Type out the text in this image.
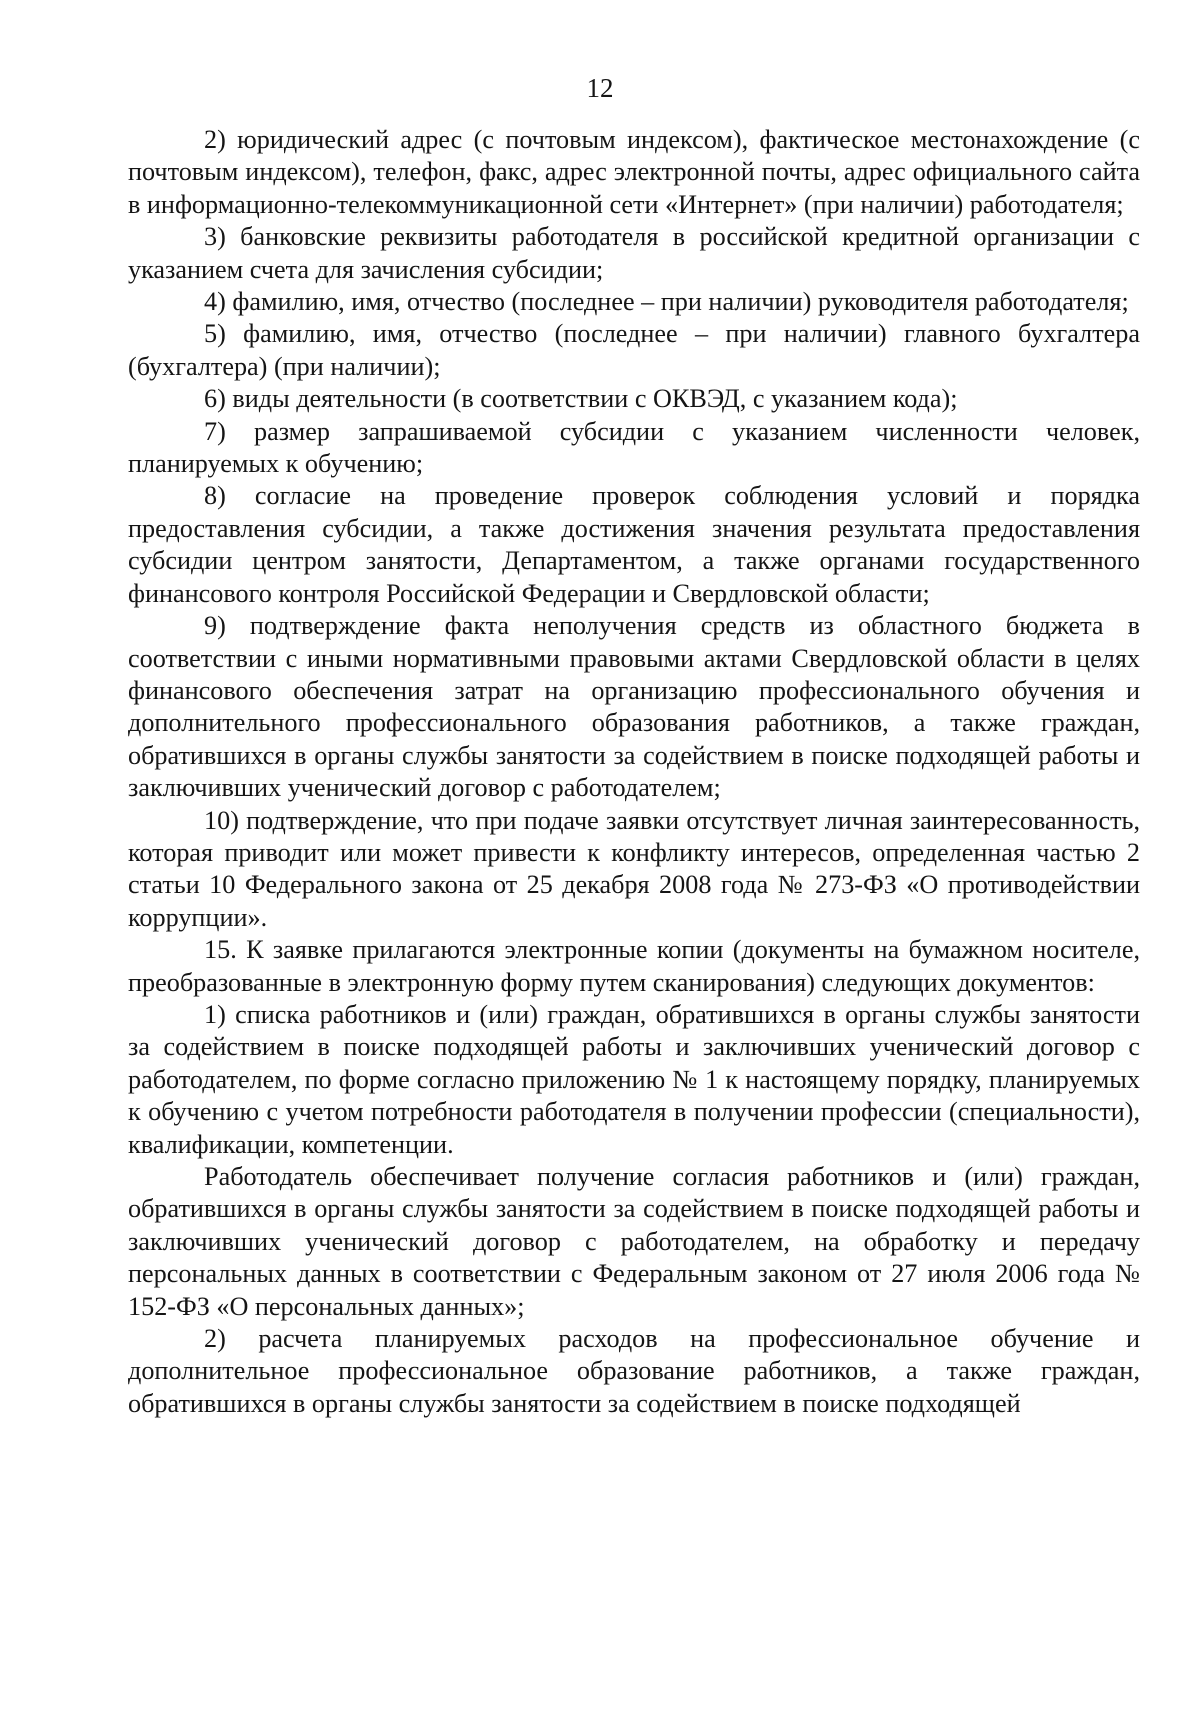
12

2) юридический адрес (с почтовым индексом), фактическое местонахождение (с почтовым индексом), телефон, факс, адрес электронной почты, адрес официального сайта в информационно-телекоммуникационной сети «Интернет» (при наличии) работодателя;

3) банковские реквизиты работодателя в российской кредитной организации с указанием счета для зачисления субсидии;

4) фамилию, имя, отчество (последнее – при наличии) руководителя работодателя;

5) фамилию, имя, отчество (последнее – при наличии) главного бухгалтера (бухгалтера) (при наличии);

6) виды деятельности (в соответствии с ОКВЭД, с указанием кода);

7) размер запрашиваемой субсидии с указанием численности человек, планируемых к обучению;

8) согласие на проведение проверок соблюдения условий и порядка предоставления субсидии, а также достижения значения результата предоставления субсидии центром занятости, Департаментом, а также органами государственного финансового контроля Российской Федерации и Свердловской области;

9) подтверждение факта неполучения средств из областного бюджета в соответствии с иными нормативными правовыми актами Свердловской области в целях финансового обеспечения затрат на организацию профессионального обучения и дополнительного профессионального образования работников, а также граждан, обратившихся в органы службы занятости за содействием в поиске подходящей работы и заключивших ученический договор с работодателем;

10) подтверждение, что при подаче заявки отсутствует личная заинтересованность, которая приводит или может привести к конфликту интересов, определенная частью 2 статьи 10 Федерального закона от 25 декабря 2008 года № 273-ФЗ «О противодействии коррупции».

15. К заявке прилагаются электронные копии (документы на бумажном носителе, преобразованные в электронную форму путем сканирования) следующих документов:

1) списка работников и (или) граждан, обратившихся в органы службы занятости за содействием в поиске подходящей работы и заключивших ученический договор с работодателем, по форме согласно приложению № 1 к настоящему порядку, планируемых к обучению с учетом потребности работодателя в получении профессии (специальности), квалификации, компетенции.

Работодатель обеспечивает получение согласия работников и (или) граждан, обратившихся в органы службы занятости за содействием в поиске подходящей работы и заключивших ученический договор с работодателем, на обработку и передачу персональных данных в соответствии с Федеральным законом от 27 июля 2006 года № 152-ФЗ «О персональных данных»;

2) расчета планируемых расходов на профессиональное обучение и дополнительное профессиональное образование работников, а также граждан, обратившихся в органы службы занятости за содействием в поиске подходящей
